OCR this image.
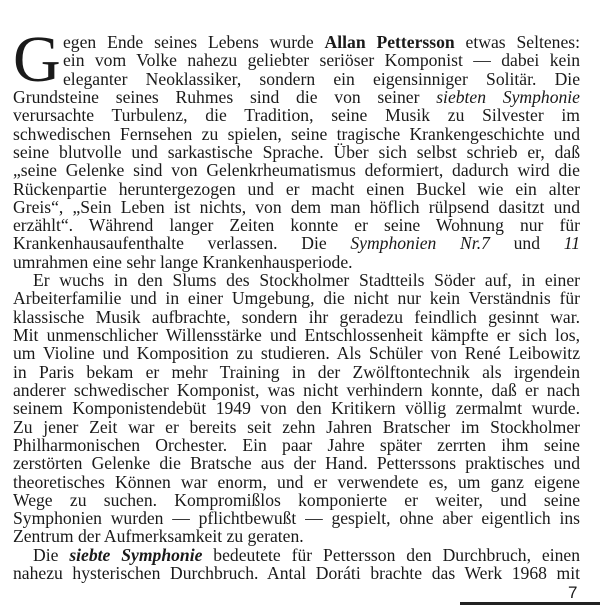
G egen Ende seines Lebens wurde Allan Pettersson etwas Seltenes:
ein vom Volke nahezu geliebter seriöser Komponist — dabei kein
eleganter Neoklassiker, sondern ein eigensinniger Solitär. Die
Grundsteine seines Ruhmes sind die von seiner siebten Symphonie
verursachte Turbulenz, die Tradition, seine Musik zu Silvester im
schwedischen Fernsehen zu spielen, seine tragische Krankengeschichte und
seine blutvolle und sarkastische Sprache. Über sich selbst schrieb er, daß
„seine Gelenke sind von Gelenkrheumatismus deformiert, dadurch wird die
Rückenpartie heruntergezogen und er macht einen Buckel wie ein alter
Greis“, „Sein Leben ist nichts, von dem man höflich rülpsend dasitzt und
erzählt“. Während langer Zeiten konnte er seine Wohnung nur für
Krankenhausaufenthalte verlassen. Die Symphonien Nr.7 und 11
umrahmen eine sehr lange Krankenhausperiode.
Er wuchs in den Slums des Stockholmer Stadtteils Söder auf, in einer
Arbeiterfamilie und in einer Umgebung, die nicht nur kein Verständnis für
klassische Musik aufbrachte, sondern ihr geradezu feindlich gesinnt war.
Mit unmenschlicher Willensstärke und Entschlossenheit kämpfte er sich los,
um Violine und Komposition zu studieren. Als Schüler von René Leibowitz
in Paris bekam er mehr Training in der Zwölftontechnik als irgendein
anderer schwedischer Komponist, was nicht verhindern konnte, daß er nach
seinem Komponistendebüt 1949 von den Kritikern völlig zermalmt wurde.
Zu jener Zeit war er bereits seit zehn Jahren Bratscher im Stockholmer
Philharmonischen Orchester. Ein paar Jahre später zerrten ihm seine
zerstörten Gelenke die Bratsche aus der Hand. Petterssons praktisches und
theoretisches Können war enorm, und er verwendete es, um ganz eigene
Wege zu suchen. Kompromißlos komponierte er weiter, und seine
Symphonien wurden — pflichtbewußt — gespielt, ohne aber eigentlich ins
Zentrum der Aufmerksamkeit zu geraten.
Die siebte Symphonie bedeutete für Pettersson den Durchbruch, einen
nahezu hysterischen Durchbruch. Antal Doráti brachte das Werk 1968 mit
7
